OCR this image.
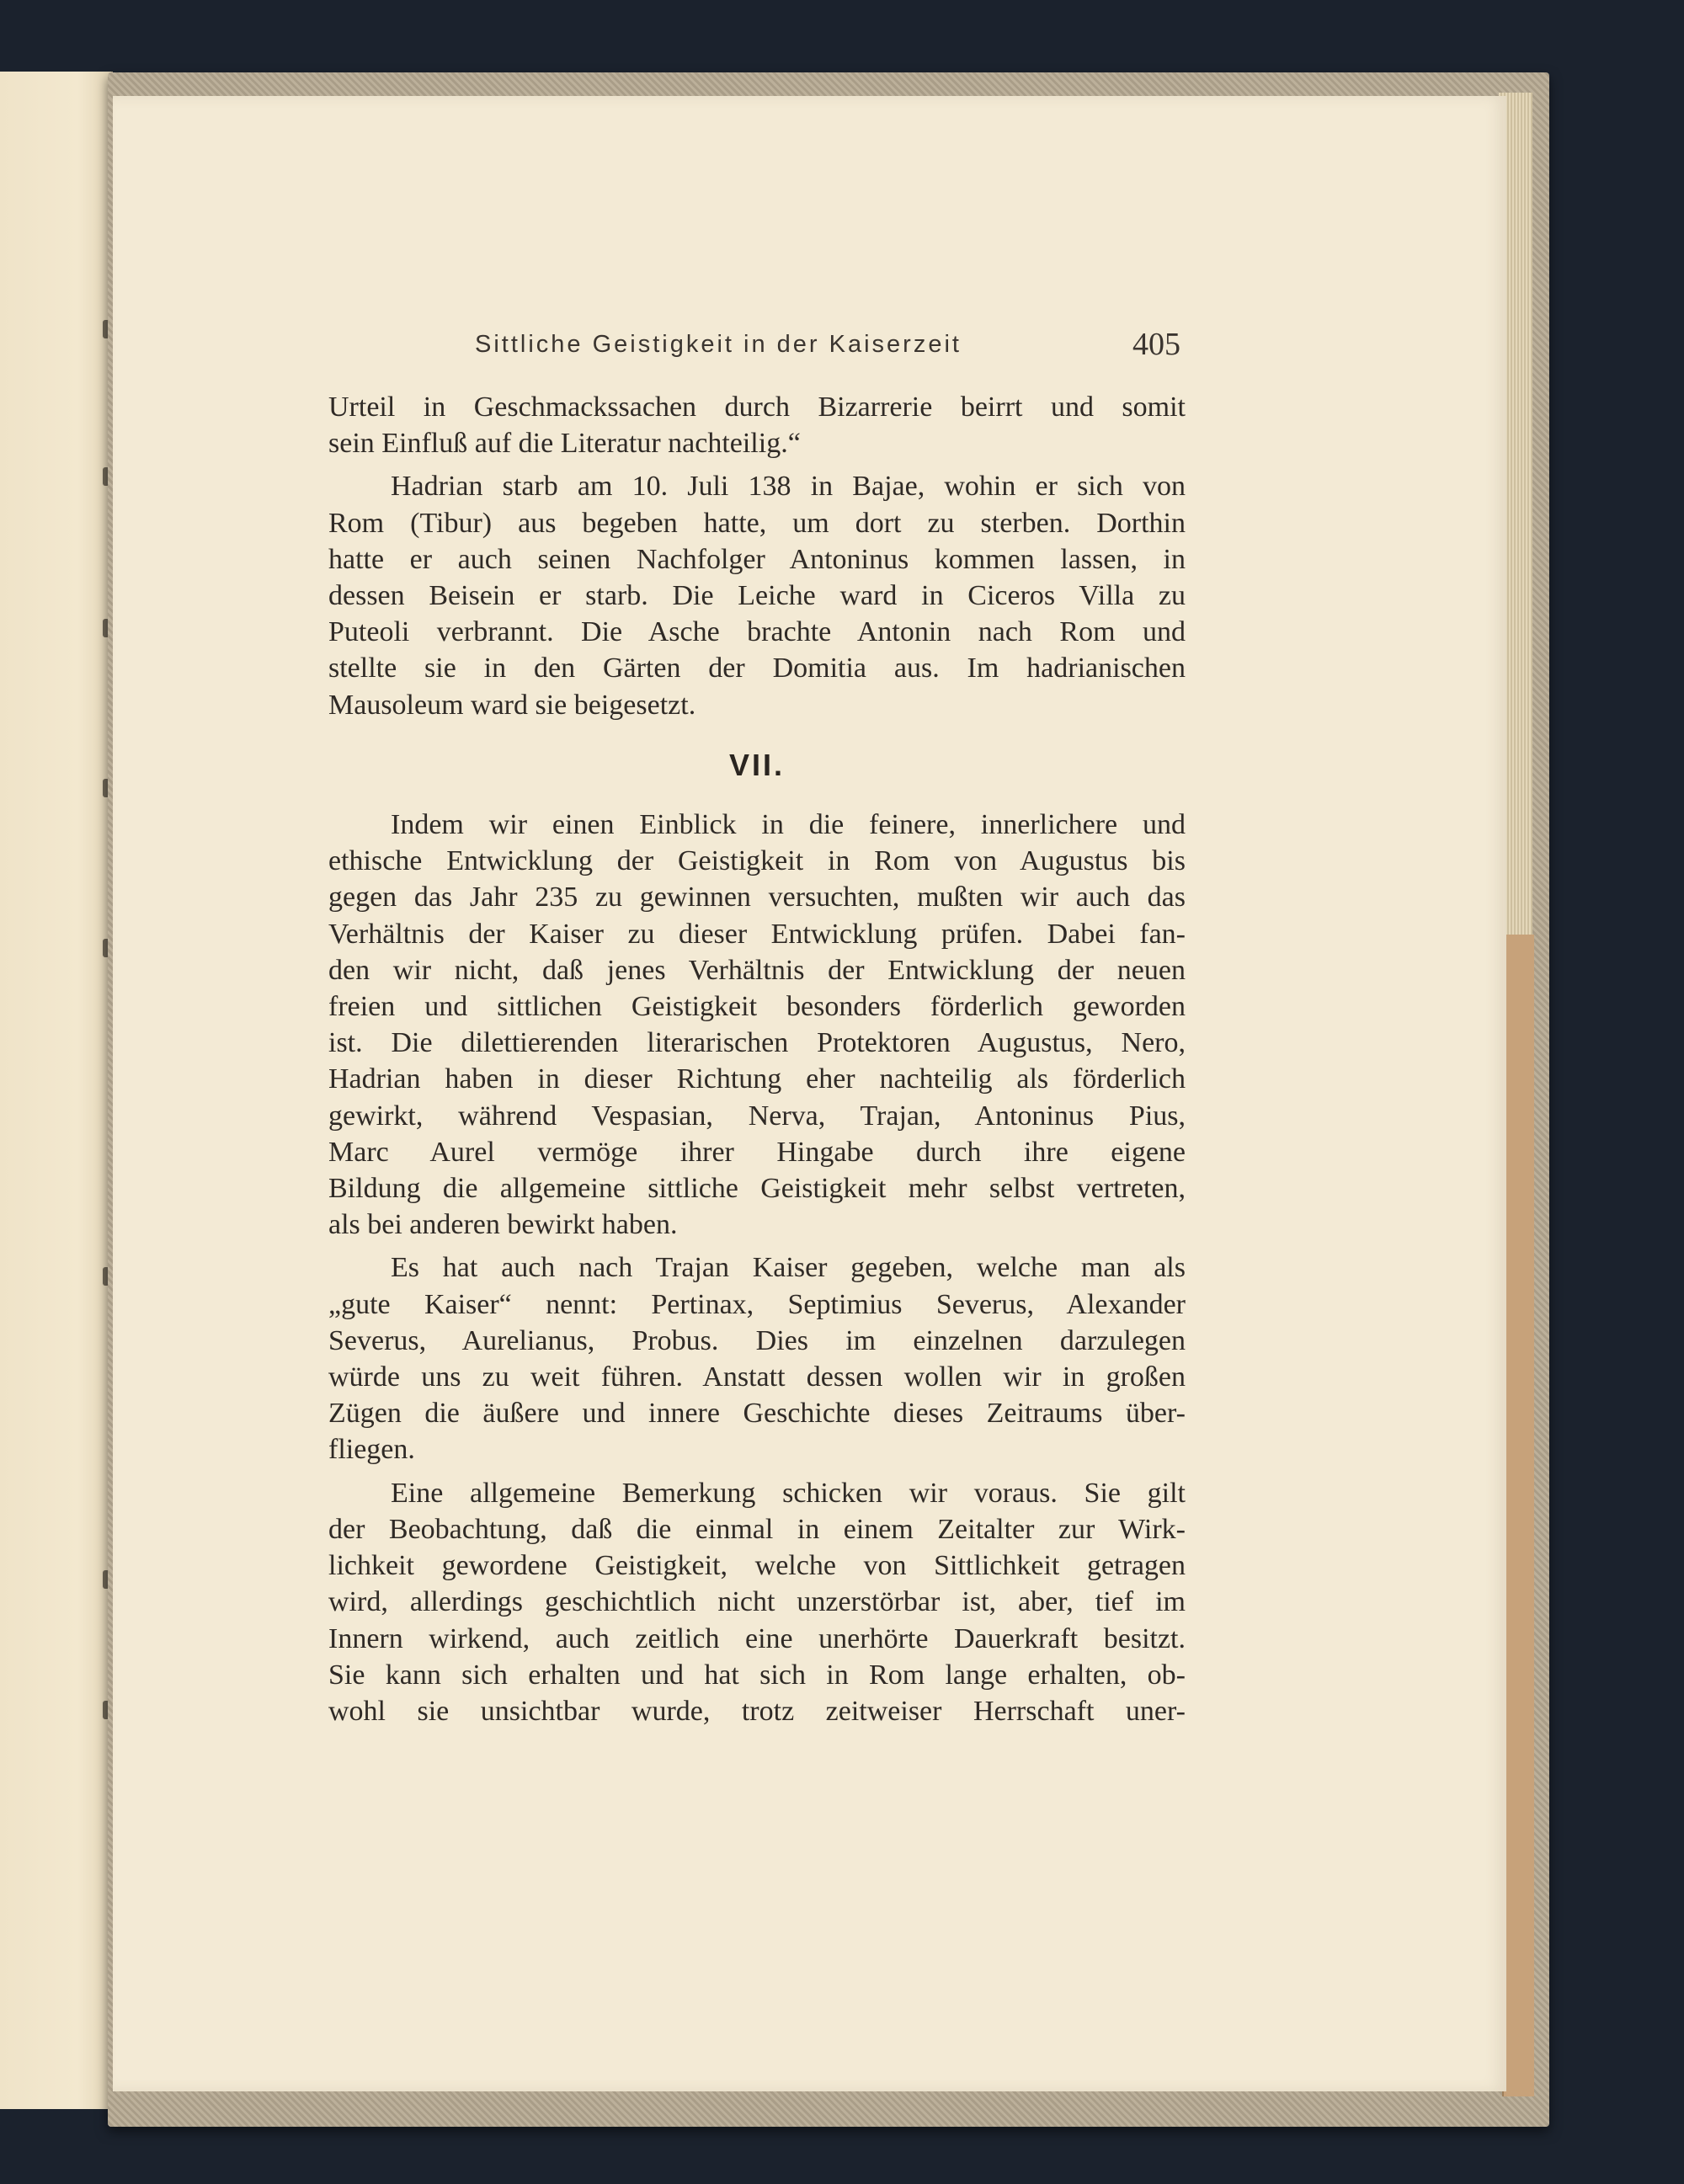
Sittliche Geistigkeit in der Kaiserzeit	405
Urteil in Geschmackssachen durch Bizarrerie beirrt und somit
sein Einfluß auf die Literatur nachteilig.“
Hadrian starb am 10. Juli 138 in Bajae, wohin er sich von
Rom (Tibur) aus begeben hatte, um dort zu sterben. Dorthin
hatte er auch seinen Nachfolger Antoninus kommen lassen, in
dessen Beisein er starb. Die Leiche ward in Ciceros Villa zu
Puteoli verbrannt. Die Asche brachte Antonin nach Rom und
stellte sie in den Gärten der Domitia aus. Im hadrianischen
Mausoleum ward sie beigesetzt.
VII.
Indem wir einen Einblick in die feinere, innerlichere und
ethische Entwicklung der Geistigkeit in Rom von Augustus bis
gegen das Jahr 235 zu gewinnen versuchten, mußten wir auch das
Verhältnis der Kaiser zu dieser Entwicklung prüfen. Dabei fan-
den wir nicht, daß jenes Verhältnis der Entwicklung der neuen
freien und sittlichen Geistigkeit besonders förderlich geworden
ist. Die dilettierenden literarischen Protektoren Augustus, Nero,
Hadrian haben in dieser Richtung eher nachteilig als förderlich
gewirkt, während Vespasian, Nerva, Trajan, Antoninus Pius,
Marc Aurel vermöge ihrer Hingabe durch ihre eigene
Bildung die allgemeine sittliche Geistigkeit mehr selbst vertreten,
als bei anderen bewirkt haben.
Es hat auch nach Trajan Kaiser gegeben, welche man als
„gute Kaiser“ nennt: Pertinax, Septimius Severus, Alexander
Severus, Aurelianus, Probus. Dies im einzelnen darzulegen
würde uns zu weit führen. Anstatt dessen wollen wir in großen
Zügen die äußere und innere Geschichte dieses Zeitraums über-
fliegen.
Eine allgemeine Bemerkung schicken wir voraus. Sie gilt
der Beobachtung, daß die einmal in einem Zeitalter zur Wirk-
lichkeit gewordene Geistigkeit, welche von Sittlichkeit getragen
wird, allerdings geschichtlich nicht unzerstörbar ist, aber, tief im
Innern wirkend, auch zeitlich eine unerhörte Dauerkraft besitzt.
Sie kann sich erhalten und hat sich in Rom lange erhalten, ob-
wohl sie unsichtbar wurde, trotz zeitweiser Herrschaft uner-
